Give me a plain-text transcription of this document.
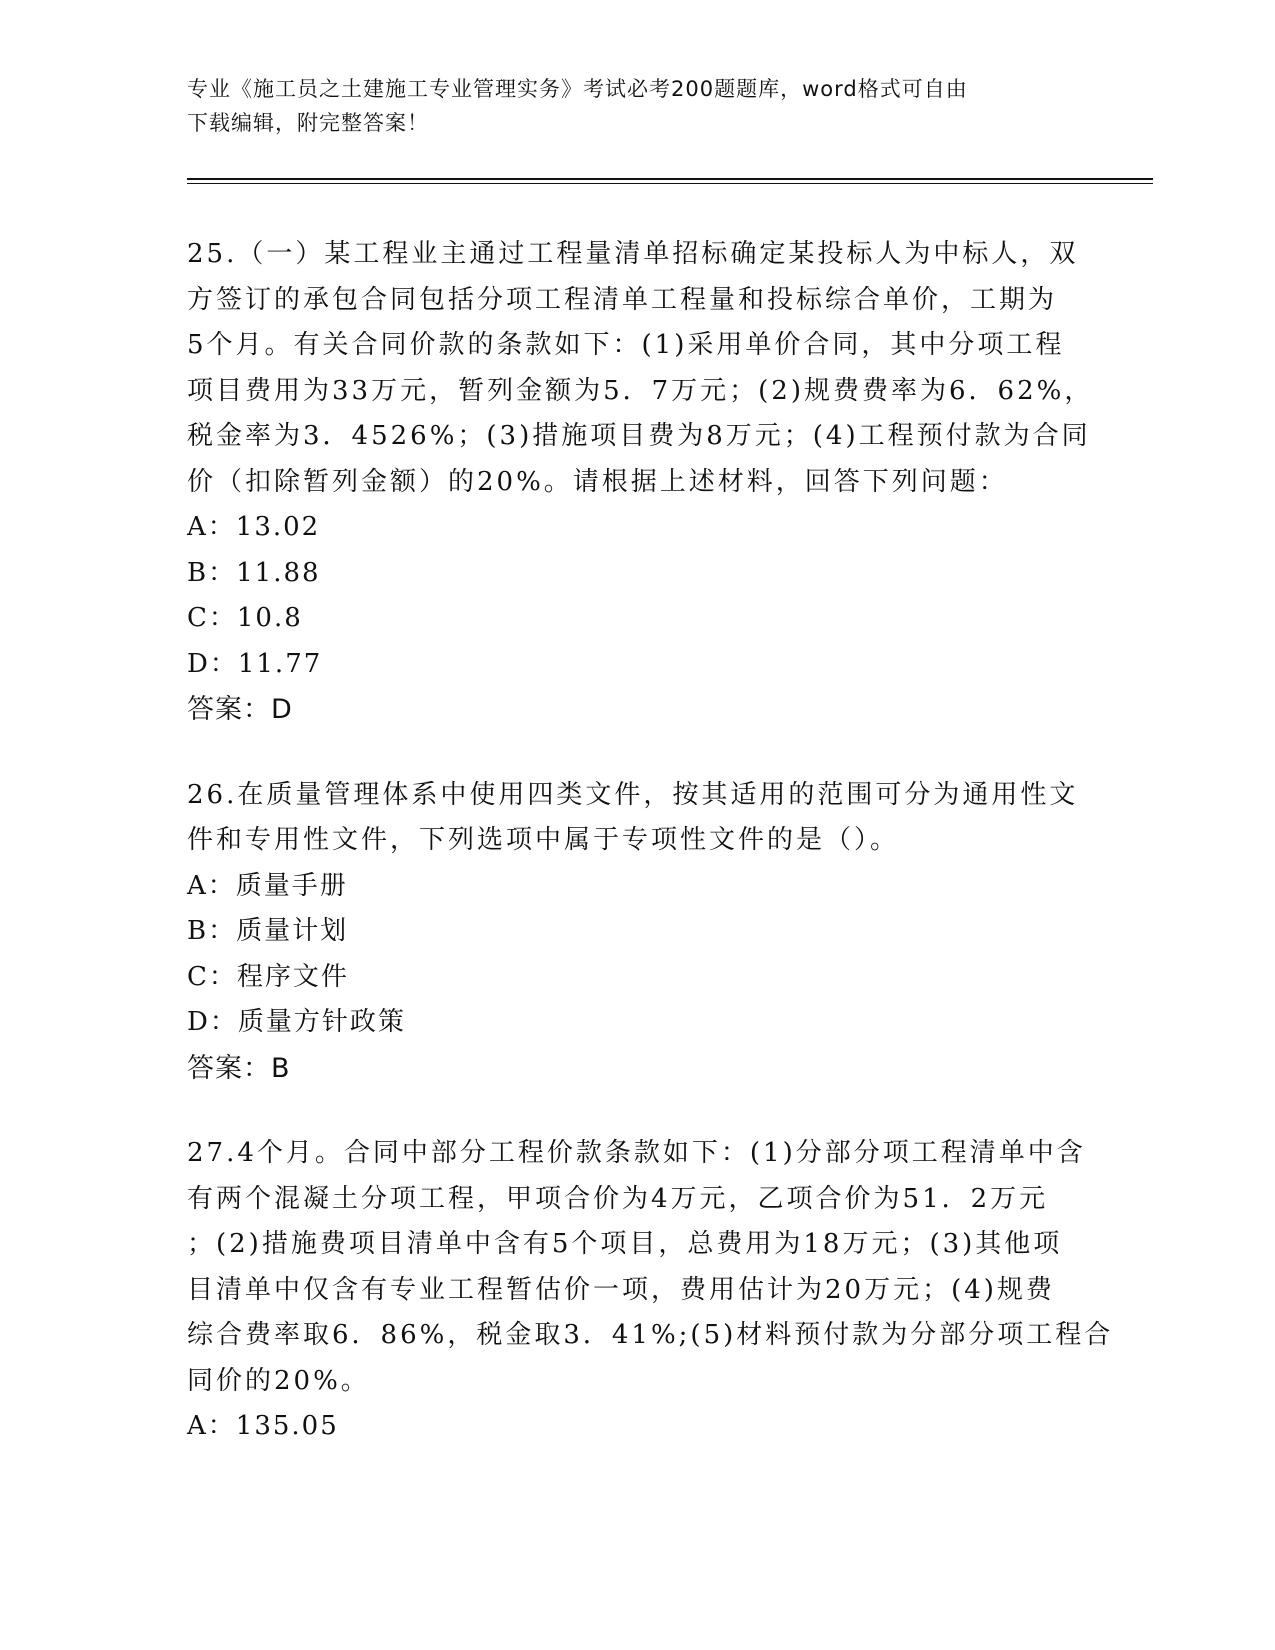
专业《施工员之土建施工专业管理实务》考试必考200题题库，word格式可自由
下载编辑，附完整答案！
25.（一）某工程业主通过工程量清单招标确定某投标人为中标人，双
方签订的承包合同包括分项工程清单工程量和投标综合单价，工期为
5个月。有关合同价款的条款如下：(1)采用单价合同，其中分项工程
项目费用为33万元，暂列金额为5．7万元；(2)规费费率为6．62%，
税金率为3．4526%；(3)措施项目费为8万元；(4)工程预付款为合同
价（扣除暂列金额）的20%。请根据上述材料，回答下列问题：
A：13.02
B：11.88
C：10.8
D：11.77
答案：D
26.在质量管理体系中使用四类文件，按其适用的范围可分为通用性文
件和专用性文件，下列选项中属于专项性文件的是（）。
A：质量手册
B：质量计划
C：程序文件
D：质量方针政策
答案：B
27.4个月。合同中部分工程价款条款如下：(1)分部分项工程清单中含
有两个混凝土分项工程，甲项合价为4万元，乙项合价为51．2万元
；(2)措施费项目清单中含有5个项目，总费用为18万元；(3)其他项
目清单中仅含有专业工程暂估价一项，费用估计为20万元；(4)规费
综合费率取6．86%，税金取3．41%;(5)材料预付款为分部分项工程合
同价的20%。
A：135.05
